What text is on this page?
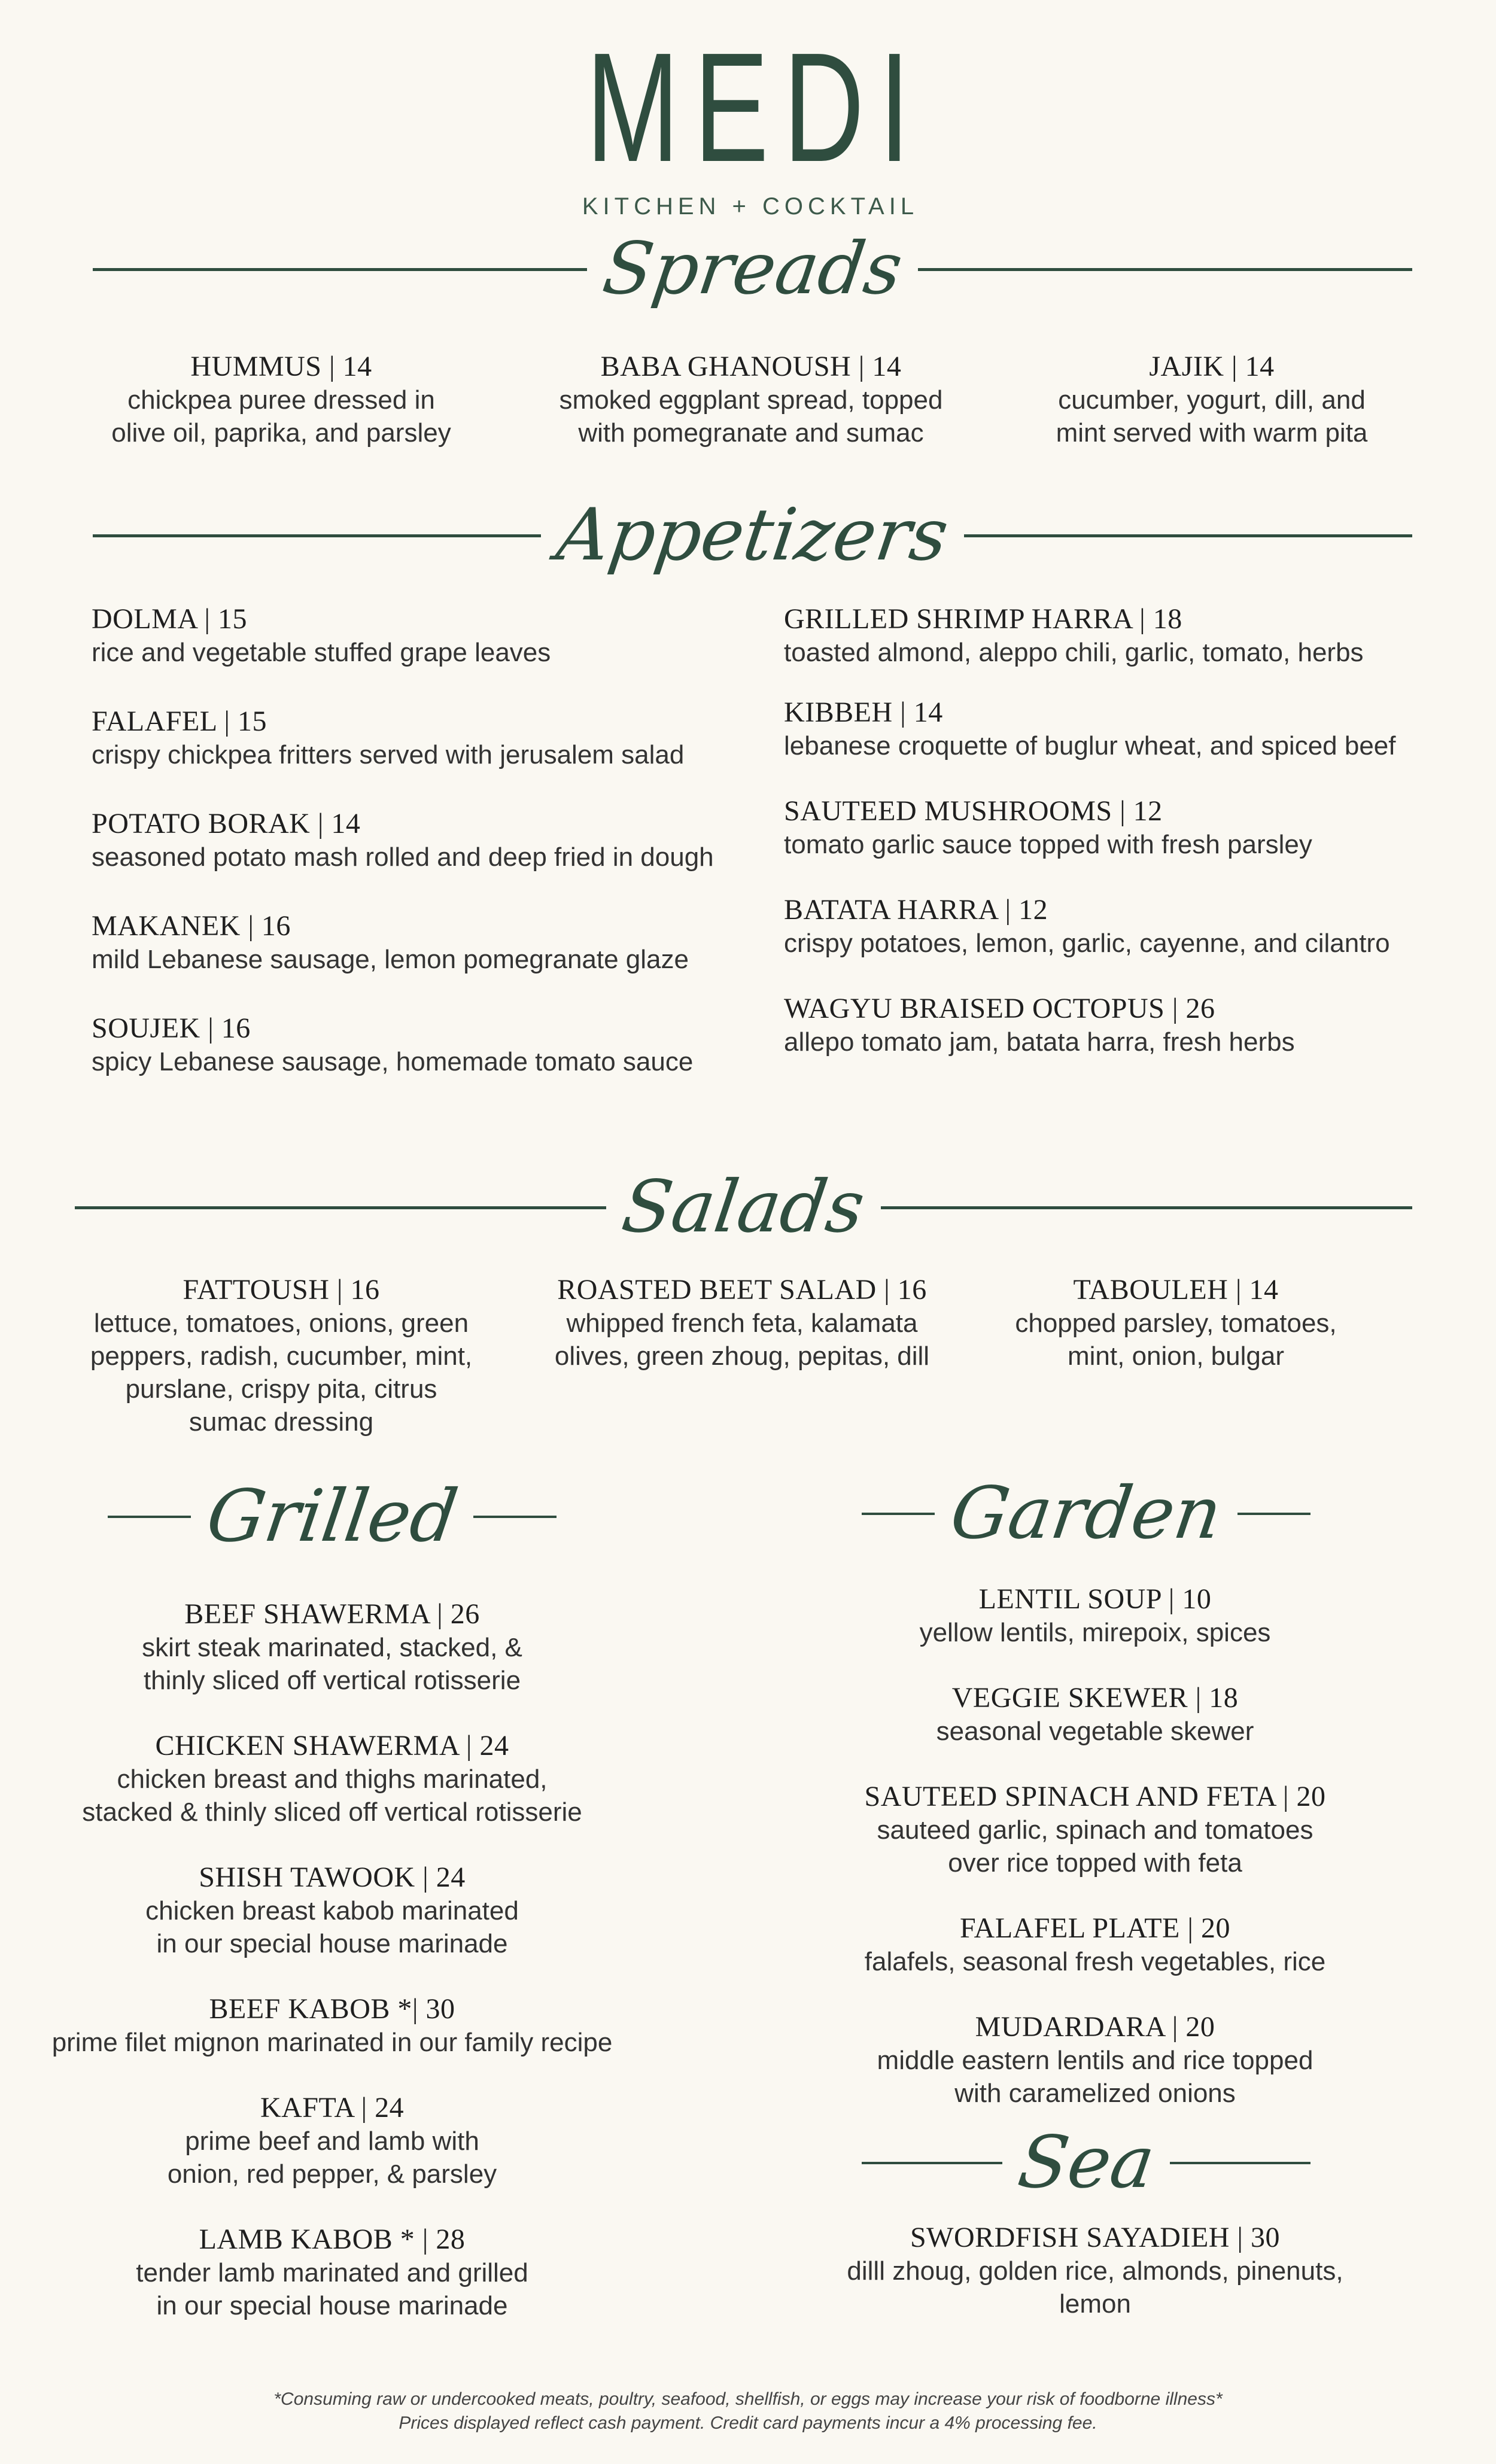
MEDI
KITCHEN + COCKTAIL
Spreads
HUMMUS | 14
chickpea puree dressed in
olive oil, paprika, and parsley
BABA GHANOUSH | 14
smoked eggplant spread, topped
with pomegranate and sumac
JAJIK | 14
cucumber, yogurt, dill, and
mint served with warm pita
Appetizers
DOLMA | 15
rice and vegetable stuffed grape leaves
FALAFEL | 15
crispy chickpea fritters served with jerusalem salad
POTATO BORAK | 14
seasoned potato mash rolled and deep fried in dough
MAKANEK | 16
mild Lebanese sausage, lemon pomegranate glaze
SOUJEK | 16
spicy Lebanese sausage, homemade tomato sauce
GRILLED SHRIMP HARRA | 18
toasted almond, aleppo chili, garlic, tomato, herbs
KIBBEH | 14
lebanese croquette of buglur wheat, and spiced beef
SAUTEED MUSHROOMS | 12
tomato garlic sauce topped with fresh parsley
BATATA HARRA | 12
crispy potatoes, lemon, garlic, cayenne, and cilantro
WAGYU BRAISED OCTOPUS | 26
allepo tomato jam, batata harra, fresh herbs
Salads
FATTOUSH | 16
lettuce, tomatoes, onions, green
peppers, radish, cucumber, mint,
purslane, crispy pita, citrus
sumac dressing
ROASTED BEET SALAD | 16
whipped french feta, kalamata
olives, green zhoug, pepitas, dill
TABOULEH | 14
chopped parsley, tomatoes,
mint, onion, bulgar
Grilled
BEEF SHAWERMA | 26
skirt steak marinated, stacked, &
thinly sliced off vertical rotisserie
CHICKEN SHAWERMA | 24
chicken breast and thighs marinated,
stacked & thinly sliced off vertical rotisserie
SHISH TAWOOK | 24
chicken breast kabob marinated
in our special house marinade
BEEF KABOB *| 30
prime filet mignon marinated in our family recipe
KAFTA | 24
prime beef and lamb with
onion, red pepper, & parsley
LAMB KABOB * | 28
tender lamb marinated and grilled
in our special house marinade
Garden
LENTIL SOUP | 10
yellow lentils, mirepoix, spices
VEGGIE SKEWER | 18
seasonal vegetable skewer
SAUTEED SPINACH AND FETA | 20
sauteed garlic, spinach and tomatoes
over rice topped with feta
FALAFEL PLATE | 20
falafels, seasonal fresh vegetables, rice
MUDARDARA | 20
middle eastern lentils and rice topped
with caramelized onions
Sea
SWORDFISH SAYADIEH | 30
dilll zhoug, golden rice, almonds, pinenuts,
lemon
*Consuming raw or undercooked meats, poultry, seafood, shellfish, or eggs may increase your risk of foodborne illness*
Prices displayed reflect cash payment. Credit card payments incur a 4% processing fee.
